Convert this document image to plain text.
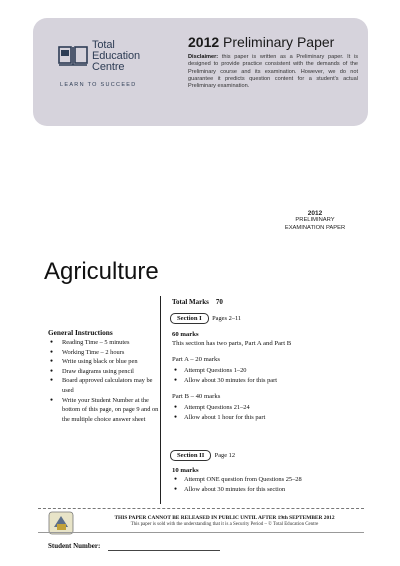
Total
Education
Centre
LEARN TO SUCCEED
2012 Preliminary Paper
Disclaimer: this paper is written as a Preliminary paper. It is designed to provide practice consistent with the demands of the Preliminary course and its examination. However, we do not guarantee it predicts question content for a student's actual Preliminary examination.
2012
PRELIMINARY
EXAMINATION PAPER
Agriculture
General Instructions
● Reading Time – 5 minutes
● Working Time – 2 hours
● Write using black or blue pen
● Draw diagrams using pencil
● Board approved calculators may be used
● Write your Student Number at the bottom of this page, on page 9 and on the multiple choice answer sheet
Total Marks 70
Section I Pages 2–11
60 marks
This section has two parts, Part A and Part B
Part A – 20 marks
● Attempt Questions 1–20
● Allow about 30 minutes for this part
Part B – 40 marks
● Attempt Questions 21–24
● Allow about 1 hour for this part
Section II Page 12
10 marks
● Attempt ONE question from Questions 25–28
● Allow about 30 minutes for this section
THIS PAPER CANNOT BE RELEASED IN PUBLIC UNTIL AFTER 19th SEPTEMBER 2012
This paper is sold with the understanding that it is a Security Period – © Total Education Centre
Student Number:
